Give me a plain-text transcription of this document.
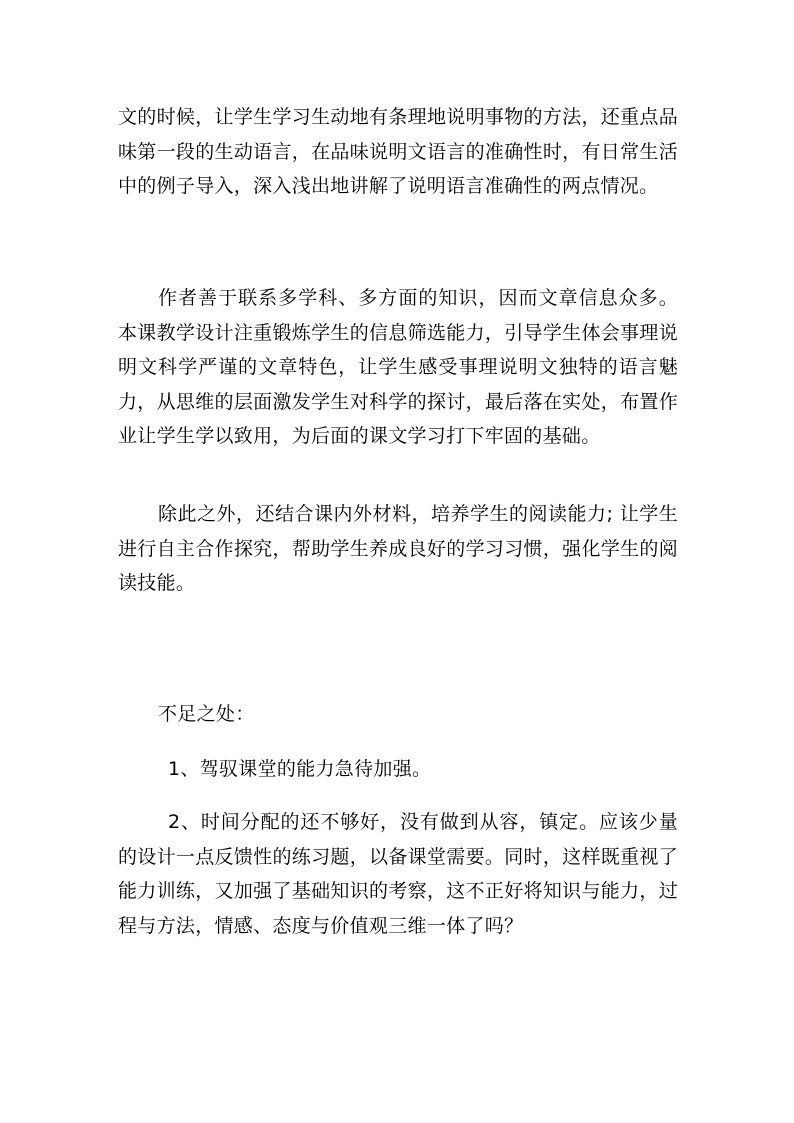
文的时候，让学生学习生动地有条理地说明事物的方法，还重点品味第一段的生动语言，在品味说明文语言的准确性时，有日常生活中的例子导入，深入浅出地讲解了说明语言准确性的两点情况。

作者善于联系多学科、多方面的知识，因而文章信息众多。本课教学设计注重锻炼学生的信息筛选能力，引导学生体会事理说明文科学严谨的文章特色，让学生感受事理说明文独特的语言魅力，从思维的层面激发学生对科学的探讨，最后落在实处，布置作业让学生学以致用，为后面的课文学习打下牢固的基础。

除此之外，还结合课内外材料，培养学生的阅读能力; 让学生进行自主合作探究，帮助学生养成良好的学习习惯，强化学生的阅读技能。

不足之处：

1、驾驭课堂的能力急待加强。

2、时间分配的还不够好，没有做到从容，镇定。应该少量的设计一点反馈性的练习题，以备课堂需要。同时，这样既重视了能力训练，又加强了基础知识的考察，这不正好将知识与能力，过程与方法，情感、态度与价值观三维一体了吗？
